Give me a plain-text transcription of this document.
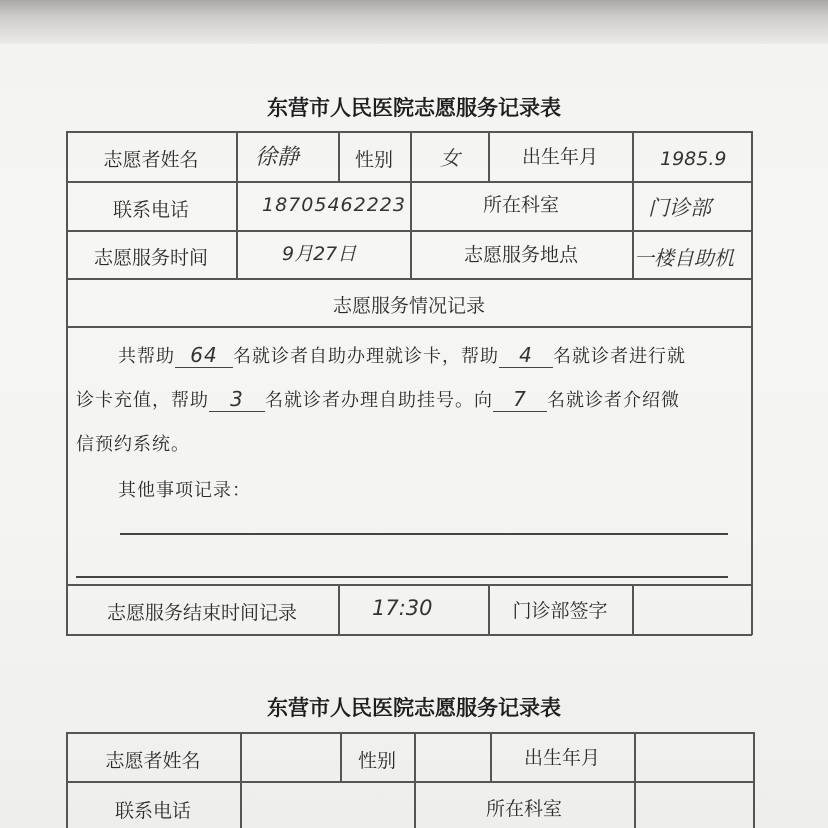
东营市人民医院志愿服务记录表
志愿者姓名	徐静	性别	女	出生年月	1985.9
联系电话	18705462223	所在科室	门诊部
志愿服务时间	9月27日	志愿服务地点	一楼自助机
志愿服务情况记录
共帮助 64 名就诊者自助办理就诊卡，帮助 4 名就诊者进行就
诊卡充值，帮助 3 名就诊者办理自助挂号。向 7 名就诊者介绍微
信预约系统。
其他事项记录：
志愿服务结束时间记录	17:30	门诊部签字
东营市人民医院志愿服务记录表
志愿者姓名	性别	出生年月
联系电话	所在科室
